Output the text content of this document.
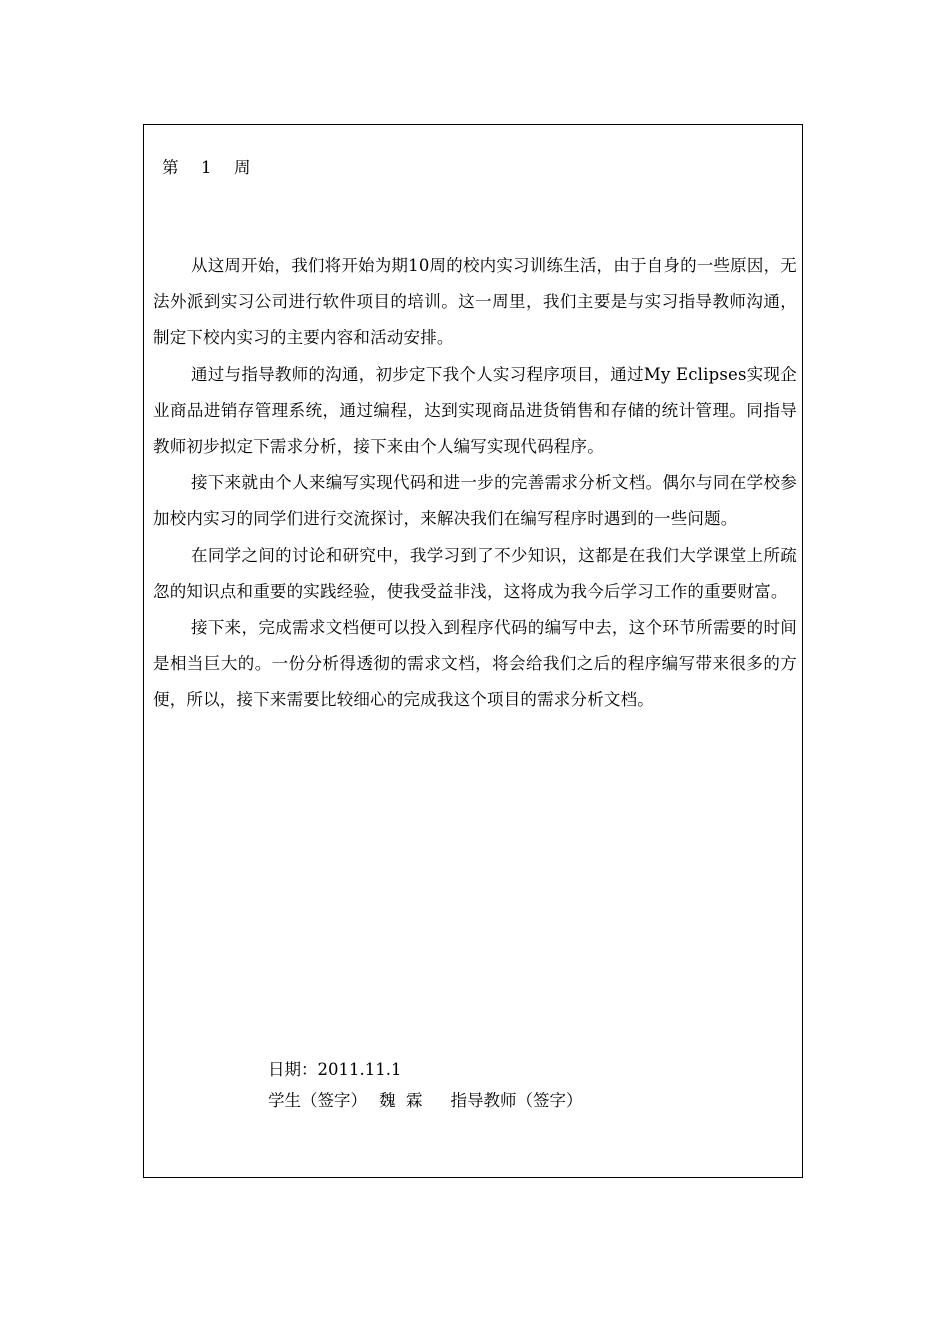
第  1  周

从这周开始，我们将开始为期10周的校内实习训练生活，由于自身的一些原因，无法外派到实习公司进行软件项目的培训。这一周里，我们主要是与实习指导教师沟通，制定下校内实习的主要内容和活动安排。

通过与指导教师的沟通，初步定下我个人实习程序项目，通过My Eclipses实现企业商品进销存管理系统，通过编程，达到实现商品进货销售和存储的统计管理。同指导教师初步拟定下需求分析，接下来由个人编写实现代码程序。

接下来就由个人来编写实现代码和进一步的完善需求分析文档。偶尔与同在学校参加校内实习的同学们进行交流探讨，来解决我们在编写程序时遇到的一些问题。

在同学之间的讨论和研究中，我学习到了不少知识，这都是在我们大学课堂上所疏忽的知识点和重要的实践经验，使我受益非浅，这将成为我今后学习工作的重要财富。

接下来，完成需求文档便可以投入到程序代码的编写中去，这个环节所需要的时间是相当巨大的。一份分析得透彻的需求文档，将会给我们之后的程序编写带来很多的方便，所以，接下来需要比较细心的完成我这个项目的需求分析文档。

日期：2011.11.1
学生（签字） 魏  霖 指导教师（签字）
